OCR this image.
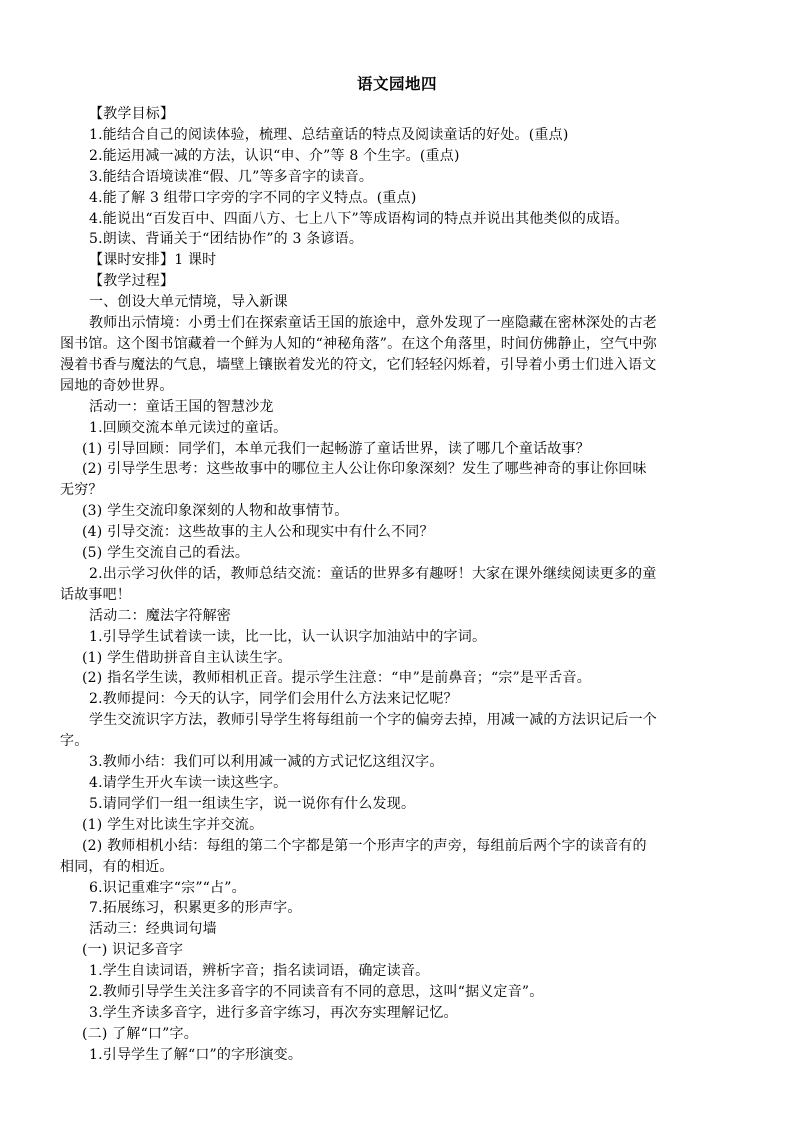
语文园地四
【教学目标】
1.能结合自己的阅读体验，梳理、总结童话的特点及阅读童话的好处。(重点)
2.能运用减一减的方法，认识“申、介”等 8 个生字。(重点)
3.能结合语境读准“假、几”等多音字的读音。
4.能了解 3 组带口字旁的字不同的字义特点。(重点)
4.能说出“百发百中、四面八方、七上八下”等成语构词的特点并说出其他类似的成语。
5.朗读、背诵关于“团结协作”的 3 条谚语。
【课时安排】1 课时
【教学过程】
一、创设大单元情境，导入新课
教师出示情境：小勇士们在探索童话王国的旅途中，意外发现了一座隐藏在密林深处的古老
图书馆。这个图书馆藏着一个鲜为人知的“神秘角落”。在这个角落里，时间仿佛静止，空气中弥
漫着书香与魔法的气息，墙壁上镶嵌着发光的符文，它们轻轻闪烁着，引导着小勇士们进入语文
园地的奇妙世界。
活动一：童话王国的智慧沙龙
1.回顾交流本单元读过的童话。
(1) 引导回顾：同学们，本单元我们一起畅游了童话世界，读了哪几个童话故事？
(2) 引导学生思考：这些故事中的哪位主人公让你印象深刻？发生了哪些神奇的事让你回味
无穷？
(3) 学生交流印象深刻的人物和故事情节。
(4) 引导交流：这些故事的主人公和现实中有什么不同？
(5) 学生交流自己的看法。
2.出示学习伙伴的话，教师总结交流：童话的世界多有趣呀！大家在课外继续阅读更多的童
话故事吧！
活动二：魔法字符解密
1.引导学生试着读一读，比一比，认一认识字加油站中的字词。
(1) 学生借助拼音自主认读生字。
(2) 指名学生读，教师相机正音。提示学生注意：“申”是前鼻音；“宗”是平舌音。
2.教师提问：今天的认字，同学们会用什么方法来记忆呢？
学生交流识字方法，教师引导学生将每组前一个字的偏旁去掉，用减一减的方法识记后一个
字。
3.教师小结：我们可以利用减一减的方式记忆这组汉字。
4.请学生开火车读一读这些字。
5.请同学们一组一组读生字，说一说你有什么发现。
(1) 学生对比读生字并交流。
(2) 教师相机小结：每组的第二个字都是第一个形声字的声旁，每组前后两个字的读音有的
相同，有的相近。
6.识记重难字“宗”“占”。
7.拓展练习，积累更多的形声字。
活动三：经典词句墙
(一) 识记多音字
1.学生自读词语，辨析字音；指名读词语，确定读音。
2.教师引导学生关注多音字的不同读音有不同的意思，这叫“据义定音”。
3.学生齐读多音字，进行多音字练习，再次夯实理解记忆。
(二) 了解“口”字。
1.引导学生了解“口”的字形演变。
